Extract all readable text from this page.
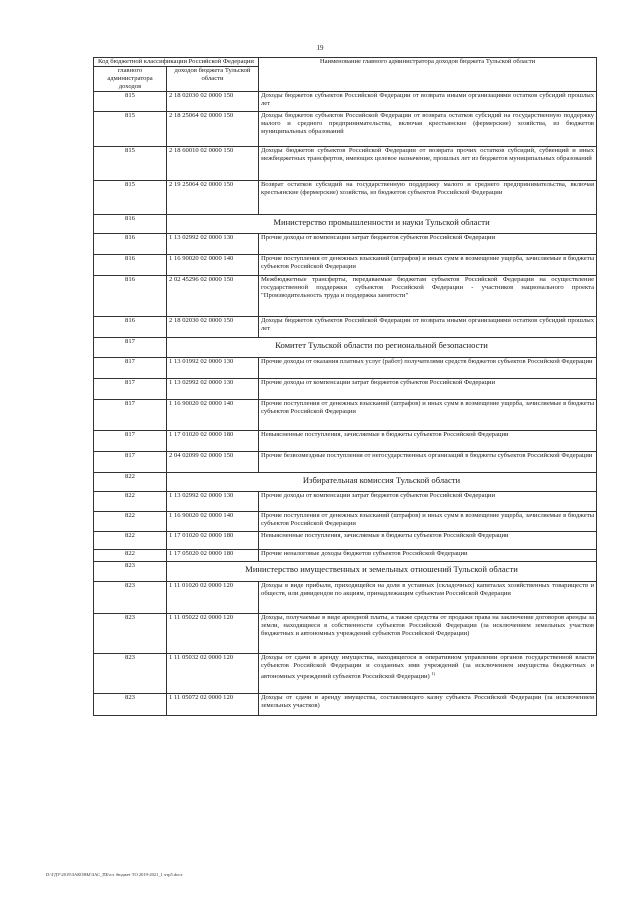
19
Код бюджетной классификации Российской Федерации		Наименование главного администратора доходов бюджета Тульской области
главного администратора доходов	доходов бюджета Тульской области	
815	2 18 02030 02 0000 150	Доходы бюджетов субъектов Российской Федерации от возврата иными организациями остатков субсидий прошлых лет
815	2 18 25064 02 0000 150	Доходы бюджетов субъектов Российской Федерации от возврата остатков субсидий на государственную поддержку малого и среднего предпринимательства, включая крестьянские (фермерские) хозяйства, из бюджетов муниципальных образований
815	2 18 60010 02 0000 150	Доходы бюджетов субъектов Российской Федерации от возврата прочих остатков субсидий, субвенций и иных межбюджетных трансфертов, имеющих целевое назначение, прошлых лет из бюджетов муниципальных образований
815	2 19 25064 02 0000 150	Возврат остатков субсидий на государственную поддержку малого и среднего предпринимательства, включая крестьянские (фермерские) хозяйства, из бюджетов субъектов Российской Федерации
816	Министерство промышленности и науки Тульской области	
816	1 13 02992 02 0000 130	Прочие доходы от компенсации затрат бюджетов субъектов Российской Федерации
816	1 16 90020 02 0000 140	Прочие поступления от денежных взысканий (штрафов) и иных сумм в возмещение ущерба, зачисляемые в бюджеты субъектов Российской Федерации
816	2 02 45296 02 0000 150	Межбюджетные трансферты, передаваемые бюджетам субъектов Российской Федерации на осуществление государственной поддержки субъектов Российской Федерации - участников национального проекта "Производительность труда и поддержка занятости"
816	2 18 02030 02 0000 150	Доходы бюджетов субъектов Российской Федерации от возврата иными организациями остатков субсидий прошлых лет
817	Комитет Тульской области по региональной безопасности	
817	1 13 01992 02 0000 130	Прочие доходы от оказания платных услуг (работ) получателями средств бюджетов субъектов Российской Федерации
817	1 13 02992 02 0000 130	Прочие доходы от компенсации затрат бюджетов субъектов Российской Федерации
817	1 16 90020 02 0000 140	Прочие поступления от денежных взысканий (штрафов) и иных сумм в возмещение ущерба, зачисляемые в бюджеты субъектов Российской Федерации
817	1 17 01020 02 0000 180	Невыясненные поступления, зачисляемые в бюджеты субъектов Российской Федерации
817	2 04 02099 02 0000 150	Прочие безвозмездные поступления от негосударственных организаций в бюджеты субъектов Российской Федерации
822	Избирательная комиссия Тульской области	
822	1 13 02992 02 0000 130	Прочие доходы от компенсации затрат бюджетов субъектов Российской Федерации
822	1 16 90020 02 0000 140	Прочие поступления от денежных взысканий (штрафов) и иных сумм в возмещение ущерба, зачисляемые в бюджеты субъектов Российской Федерации
822	1 17 01020 02 0000 180	Невыясненные поступления, зачисляемые в бюджеты субъектов Российской Федерации
822	1 17 05020 02 0000 180	Прочие неналоговые доходы бюджетов субъектов Российской Федерации
823	Министерство имущественных и земельных отношений Тульской области	
823	1 11 01020 02 0000 120	Доходы в виде прибыли, приходящейся на доли в уставных (складочных) капиталах хозяйственных товариществ и обществ, или дивидендов по акциям, принадлежащим субъектам Российской Федерации
823	1 11 05022 02 0000 120	Доходы, получаемые в виде арендной платы, а также средства от продажи права на заключение договоров аренды за земли, находящиеся в собственности субъектов Российской Федерации (за исключением земельных участков бюджетных и автономных учреждений субъектов Российской Федерации)
823	1 11 05032 02 0000 120	Доходы от сдачи в аренду имущества, находящегося в оперативном управлении органов государственной власти субъектов Российской Федерации и созданных ими учреждений (за исключением имущества бюджетных и автономных учреждений субъектов Российской Федерации) $^{1)}$
823	1 11 05072 02 0000 120	Доходы от сдачи в аренду имущества, составляющего казну субъекта Российской Федерации (за исключением земельных участков)
D:\ГДУ\2019\ЗАКОНЫ\ЗАС_ПБ\ел. бюджет ТО 2019-2021_1 чтр5.docx
